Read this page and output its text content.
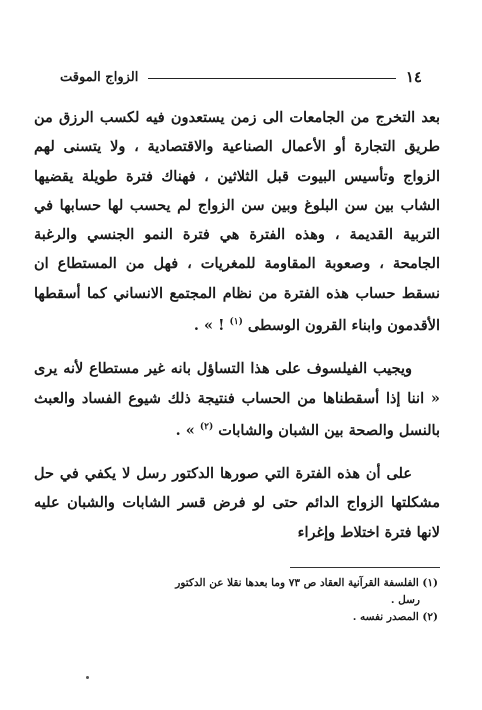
١٤
الزواج الموقت

بعد التخرج من الجامعات الى زمن يستعدون فيه لكسب الرزق من طريق التجارة أو الأعمال الصناعية والاقتصادية ، ولا يتسنى لهم الزواج وتأسيس البيوت قبل الثلاثين ، فهناك فترة طويلة يقضيها الشاب بين سن البلوغ وبين سن الزواج لم يحسب لها حسابها في التربية القديمة ، وهذه الفترة هي فترة النمو الجنسي والرغبة الجامحة ، وصعوبة المقاومة للمغريات ، فهل من المستطاع ان نسقط حساب هذه الفترة من نظام المجتمع الانساني كما أسقطها الأقدمون وابناء القرون الوسطى $^{(١)}$ ! » .

ويجيب الفيلسوف على هذا التساؤل بانه غير مستطاع لأنه يرى « اننا إذا أسقطناها من الحساب فنتيجة ذلك شيوع الفساد والعبث بالنسل والصحة بين الشبان والشابات $^{(٢)}$ » .

على أن هذه الفترة التي صورها الدكتور رسل لا يكفي في حل مشكلتها الزواج الدائم حتى لو فرض قسر الشابات والشبان عليه لانها فترة اختلاط وإغراء

(١) الفلسفة القرآنية العقاد ص ٧٣ وما بعدها نقلا عن الدكتور

رسل .

(٢) المصدر نفسه .
